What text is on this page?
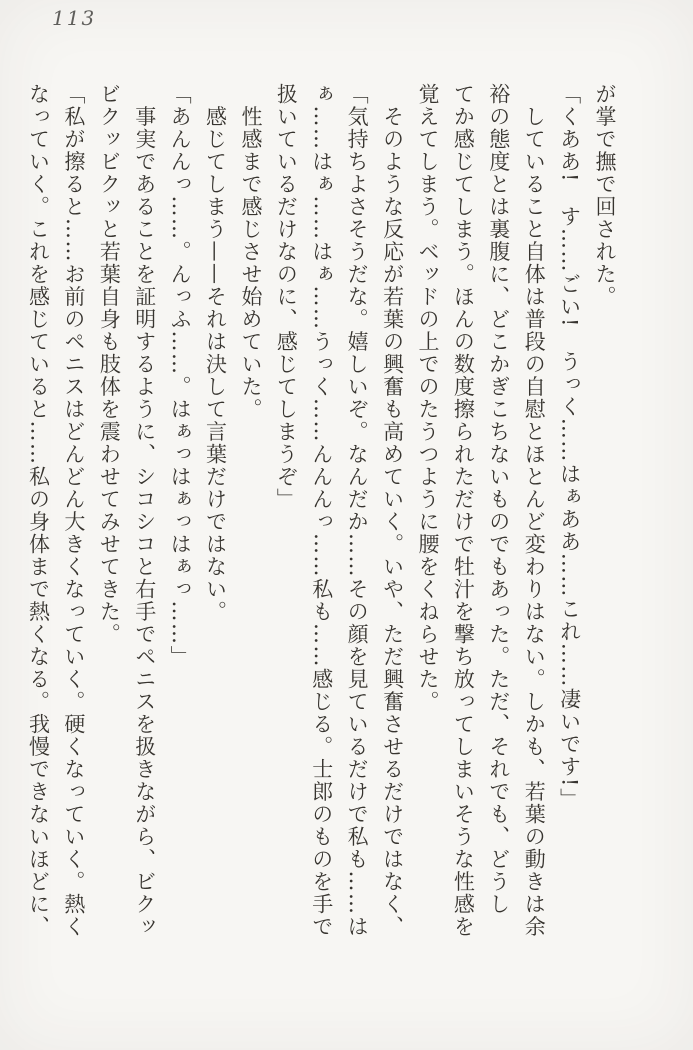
113
が掌で撫で回された。
「くああ!　す……ごい!　うっく……はぁああ……これ……凄いです!」
　していること自体は普段の自慰とほとんど変わりはない。しかも、若葉の動きは余
裕の態度とは裏腹に、どこかぎこちないものでもあった。ただ、それでも、どうし
てか感じてしまう。ほんの数度擦られただけで牡汁を撃ち放ってしまいそうな性感を
覚えてしまう。ベッドの上でのたうつように腰をくねらせた。
　そのような反応が若葉の興奮も高めていく。いや、ただ興奮させるだけではなく、
「気持ちよさそうだな。嬉しいぞ。なんだか……その顔を見ているだけで私も……は
ぁ……はぁ……はぁ……うっく……んんんっ……私も……感じる。士郎のものを手で
扱いているだけなのに、感じてしまうぞ」
　性感まで感じさせ始めていた。
　感じてしまう——それは決して言葉だけではない。
「あんんっ……。んっふ……。はぁっはぁっはぁっ……」
　事実であることを証明するように、シコシコと右手でペニスを扱きながら、ビクッ
ビクッビクッと若葉自身も肢体を震わせてみせてきた。
「私が擦ると……お前のペニスはどんどん大きくなっていく。硬くなっていく。熱く
なっていく。これを感じていると……私の身体まで熱くなる。我慢できないほどに、
